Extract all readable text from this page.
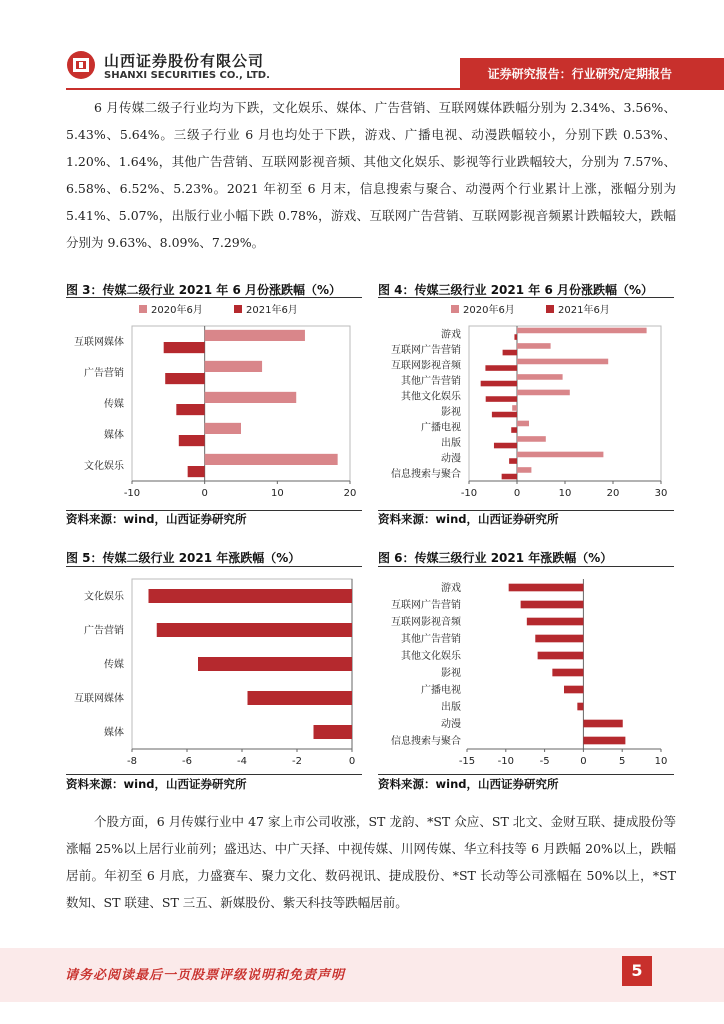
山西证券股份有限公司
SHANXI SECURITIES CO., LTD.	证券研究报告：行业研究/定期报告
6 月传媒二级子行业均为下跌，文化娱乐、媒体、广告营销、互联网媒体跌幅分别为 2.34%、3.56%、5.43%、5.64%。三级子行业 6 月也均处于下跌，游戏、广播电视、动漫跌幅较小，分别下跌 0.53%、1.20%、1.64%，其他广告营销、互联网影视音频、其他文化娱乐、影视等行业跌幅较大，分别为 7.57%、6.58%、6.52%、5.23%。2021 年初至 6 月末，信息搜索与聚合、动漫两个行业累计上涨，涨幅分别为 5.41%、5.07%，出版行业小幅下跌 0.78%，游戏、互联网广告营销、互联网影视音频累计跌幅较大，跌幅分别为 9.63%、8.09%、7.29%。
图 3：传媒二级行业 2021 年 6 月份涨跌幅（%）
-10	0	10	20
互联网媒体
广告营销
传媒
媒体
文化娱乐
2020年6月	2021年6月
资料来源：wind，山西证券研究所
图 4：传媒三级行业 2021 年 6 月份涨跌幅（%）
-10	0	10	20	30
游戏
互联网广告营销
互联网影视音频
其他广告营销
其他文化娱乐
影视
广播电视
出版
动漫
信息搜索与聚合
2020年6月	2021年6月
资料来源：wind，山西证券研究所
图 5：传媒二级行业 2021 年涨跌幅（%）
-8	-6	-4	-2	0
文化娱乐
广告营销
传媒
互联网媒体
媒体
资料来源：wind，山西证券研究所
图 6：传媒三级行业 2021 年涨跌幅（%）
-15 -10	-5	0	5	10
游戏
互联网广告营销
互联网影视音频
其他广告营销
其他文化娱乐
影视
广播电视
出版
动漫
信息搜索与聚合
资料来源：wind，山西证券研究所
个股方面，6 月传媒行业中 47 家上市公司收涨，ST 龙韵、*ST 众应、ST 北文、金财互联、捷成股份等涨幅 25%以上居行业前列；盛迅达、中广天择、中视传媒、川网传媒、华立科技等 6 月跌幅 20%以上，跌幅居前。年初至 6 月底，力盛赛车、聚力文化、数码视讯、捷成股份、*ST 长动等公司涨幅在 50%以上，*ST 数知、ST 联建、ST 三五、新媒股份、紫天科技等跌幅居前。
请务必阅读最后一页股票评级说明和免责声明	5
